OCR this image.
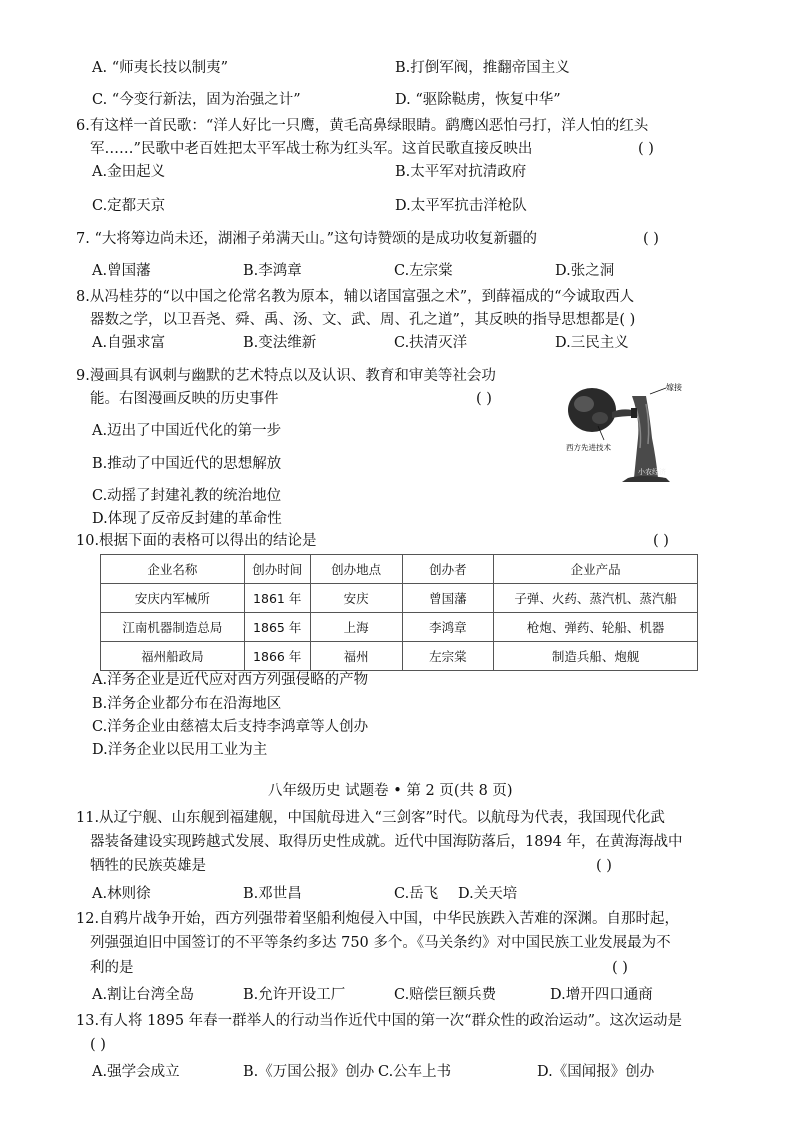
A. “师夷长技以制夷”	B.打倒军阀，推翻帝国主义
C. “今变行新法，固为治强之计”	D. “驱除鞑虏，恢复中华”
6.有这样一首民歌：“洋人好比一只鹰，黄毛高鼻绿眼睛。鹞鹰凶恶怕弓打，洋人怕的红头
军……”民歌中老百姓把太平军战士称为红头军。这首民歌直接反映出	( )
A.金田起义	B.太平军对抗清政府
C.定都天京	D.太平军抗击洋枪队
7. “大将筹边尚未还，湖湘子弟满天山。”这句诗赞颂的是成功收复新疆的	( )
A.曾国藩	B.李鸿章	C.左宗棠	D.张之洞
8.从冯桂芬的“以中国之伦常名教为原本，辅以诸国富强之术”，到薛福成的“今诚取西人
器数之学，以卫吾尧、舜、禹、汤、文、武、周、孔之道”，其反映的指导思想都是( )
A.自强求富	B.变法维新	C.扶清灭洋	D.三民主义
9.漫画具有讽刺与幽默的艺术特点以及认识、教育和审美等社会功
能。右图漫画反映的历史事件	( )
A.迈出了中国近代化的第一步
B.推动了中国近代的思想解放
C.动摇了封建礼教的统治地位
D.体现了反帝反封建的革命性
嫁接
西方先进技术
小农经济
10.根据下面的表格可以得出的结论是	( )
企业名称	创办时间	创办地点	创办者	企业产品
安庆内军械所	1861 年	安庆	曾国藩	子弹、火药、蒸汽机、蒸汽船
江南机器制造总局	1865 年	上海	李鸿章	枪炮、弹药、轮船、机器
福州船政局	1866 年	福州	左宗棠	制造兵船、炮舰
A.洋务企业是近代应对西方列强侵略的产物
B.洋务企业都分布在沿海地区
C.洋务企业由慈禧太后支持李鸿章等人创办
D.洋务企业以民用工业为主
八年级历史 试题卷 • 第 2 页(共 8 页)
11.从辽宁舰、山东舰到福建舰，中国航母进入“三剑客”时代。以航母为代表，我国现代化武
器装备建设实现跨越式发展、取得历史性成就。近代中国海防落后，1894 年，在黄海海战中
牺牲的民族英雄是	( )
A.林则徐	B.邓世昌	C.岳飞 D.关天培
12.自鸦片战争开始，西方列强带着坚船利炮侵入中国，中华民族跌入苦难的深渊。自那时起，
列强强迫旧中国签订的不平等条约多达 750 多个。《马关条约》对中国民族工业发展最为不
利的是	( )
A.割让台湾全岛	B.允许开设工厂	C.赔偿巨额兵费	D.增开四口通商
13.有人将 1895 年春一群举人的行动当作近代中国的第一次“群众性的政治运动”。这次运动是
( )
A.强学会成立	B.《万国公报》创办 C.公车上书	D.《国闻报》创办
